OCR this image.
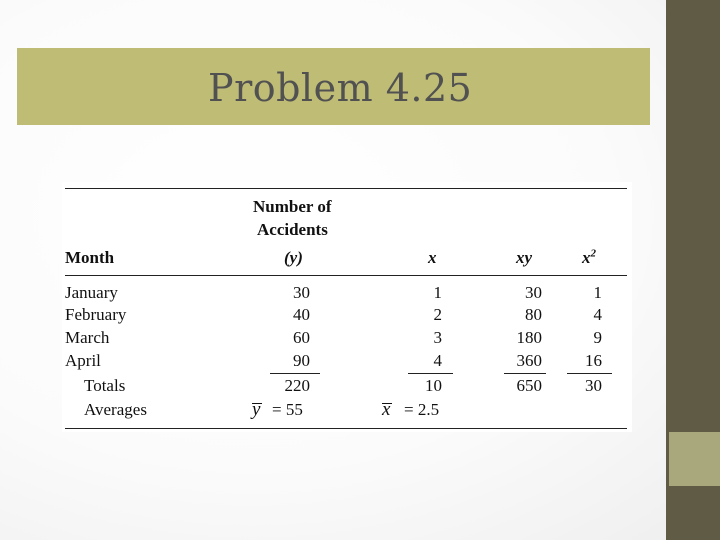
Problem 4.25
Number of
Accidents
Month	(y)	x	xy	$x^2$
January	30	1	30	1
February	40	2	80	4
March	60	3	180	9
April	90	4	360	16
Totals	220	10	650	30
Averages	y = 55	x = 2.5
